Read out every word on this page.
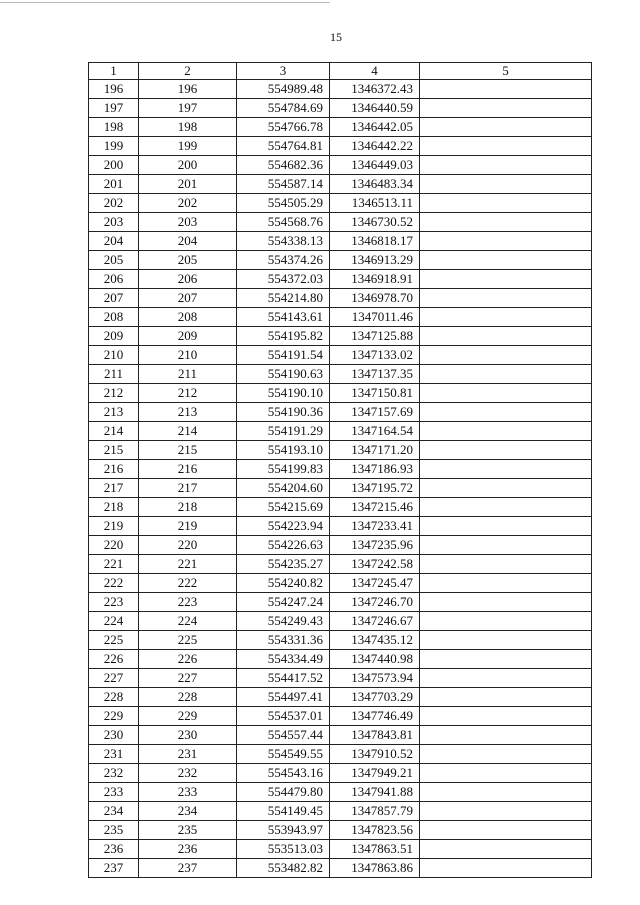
15
1	2	3	4	5
196	196	554989.48	1346372.43	
197	197	554784.69	1346440.59	
198	198	554766.78	1346442.05	
199	199	554764.81	1346442.22	
200	200	554682.36	1346449.03	
201	201	554587.14	1346483.34	
202	202	554505.29	1346513.11	
203	203	554568.76	1346730.52	
204	204	554338.13	1346818.17	
205	205	554374.26	1346913.29	
206	206	554372.03	1346918.91	
207	207	554214.80	1346978.70	
208	208	554143.61	1347011.46	
209	209	554195.82	1347125.88	
210	210	554191.54	1347133.02	
211	211	554190.63	1347137.35	
212	212	554190.10	1347150.81	
213	213	554190.36	1347157.69	
214	214	554191.29	1347164.54	
215	215	554193.10	1347171.20	
216	216	554199.83	1347186.93	
217	217	554204.60	1347195.72	
218	218	554215.69	1347215.46	
219	219	554223.94	1347233.41	
220	220	554226.63	1347235.96	
221	221	554235.27	1347242.58	
222	222	554240.82	1347245.47	
223	223	554247.24	1347246.70	
224	224	554249.43	1347246.67	
225	225	554331.36	1347435.12	
226	226	554334.49	1347440.98	
227	227	554417.52	1347573.94	
228	228	554497.41	1347703.29	
229	229	554537.01	1347746.49	
230	230	554557.44	1347843.81	
231	231	554549.55	1347910.52	
232	232	554543.16	1347949.21	
233	233	554479.80	1347941.88	
234	234	554149.45	1347857.79	
235	235	553943.97	1347823.56	
236	236	553513.03	1347863.51	
237	237	553482.82	1347863.86	
